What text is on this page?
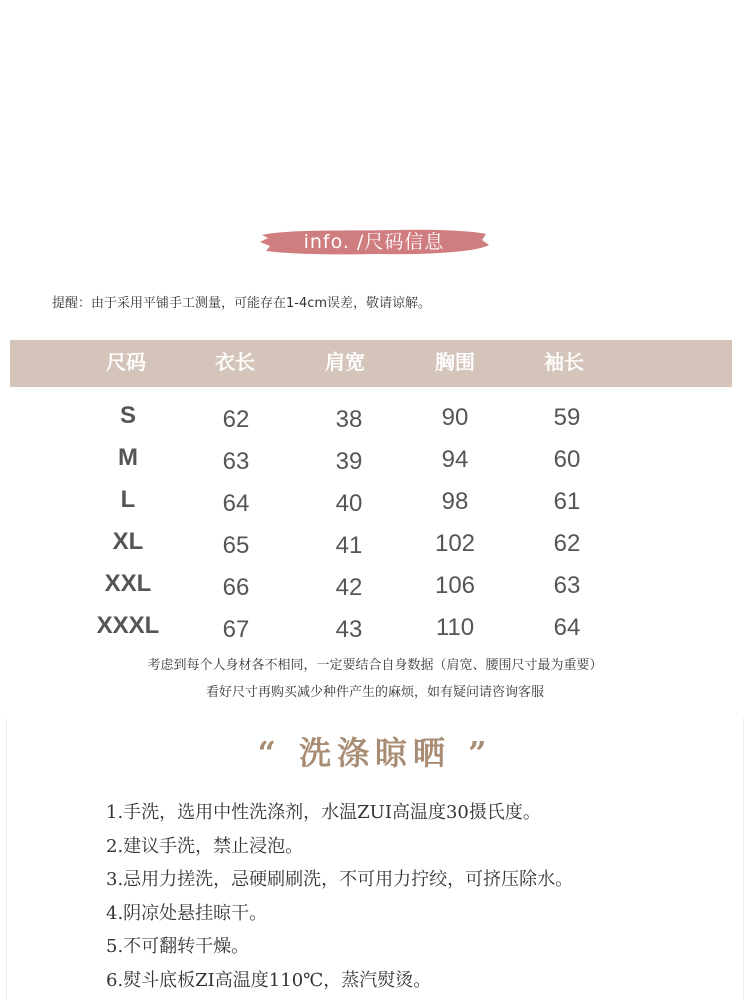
info. /尺码信息
提醒：由于采用平铺手工测量，可能存在1-4cm误差，敬请谅解。
尺码	衣长	肩宽	胸围	袖长
S	62	38	90	59
M	63	39	94	60
L	64	40	98	61
XL	65	41	102	62
XXL	66	42	106	63
XXXL	67	43	110	64
考虑到每个人身材各不相同，一定要结合自身数据（肩宽、腰围尺寸最为重要）
看好尺寸再购买减少种件产生的麻烦，如有疑问请咨询客服
“ 洗涤晾晒 ”
1.手洗，选用中性洗涤剂，水温ZUI高温度30摄氏度。
2.建议手洗，禁止浸泡。
3.忌用力搓洗，忌硬刷刷洗，不可用力拧绞，可挤压除水。
4.阴凉处悬挂晾干。
5.不可翻转干燥。
6.熨斗底板ZI高温度110℃，蒸汽熨烫。
